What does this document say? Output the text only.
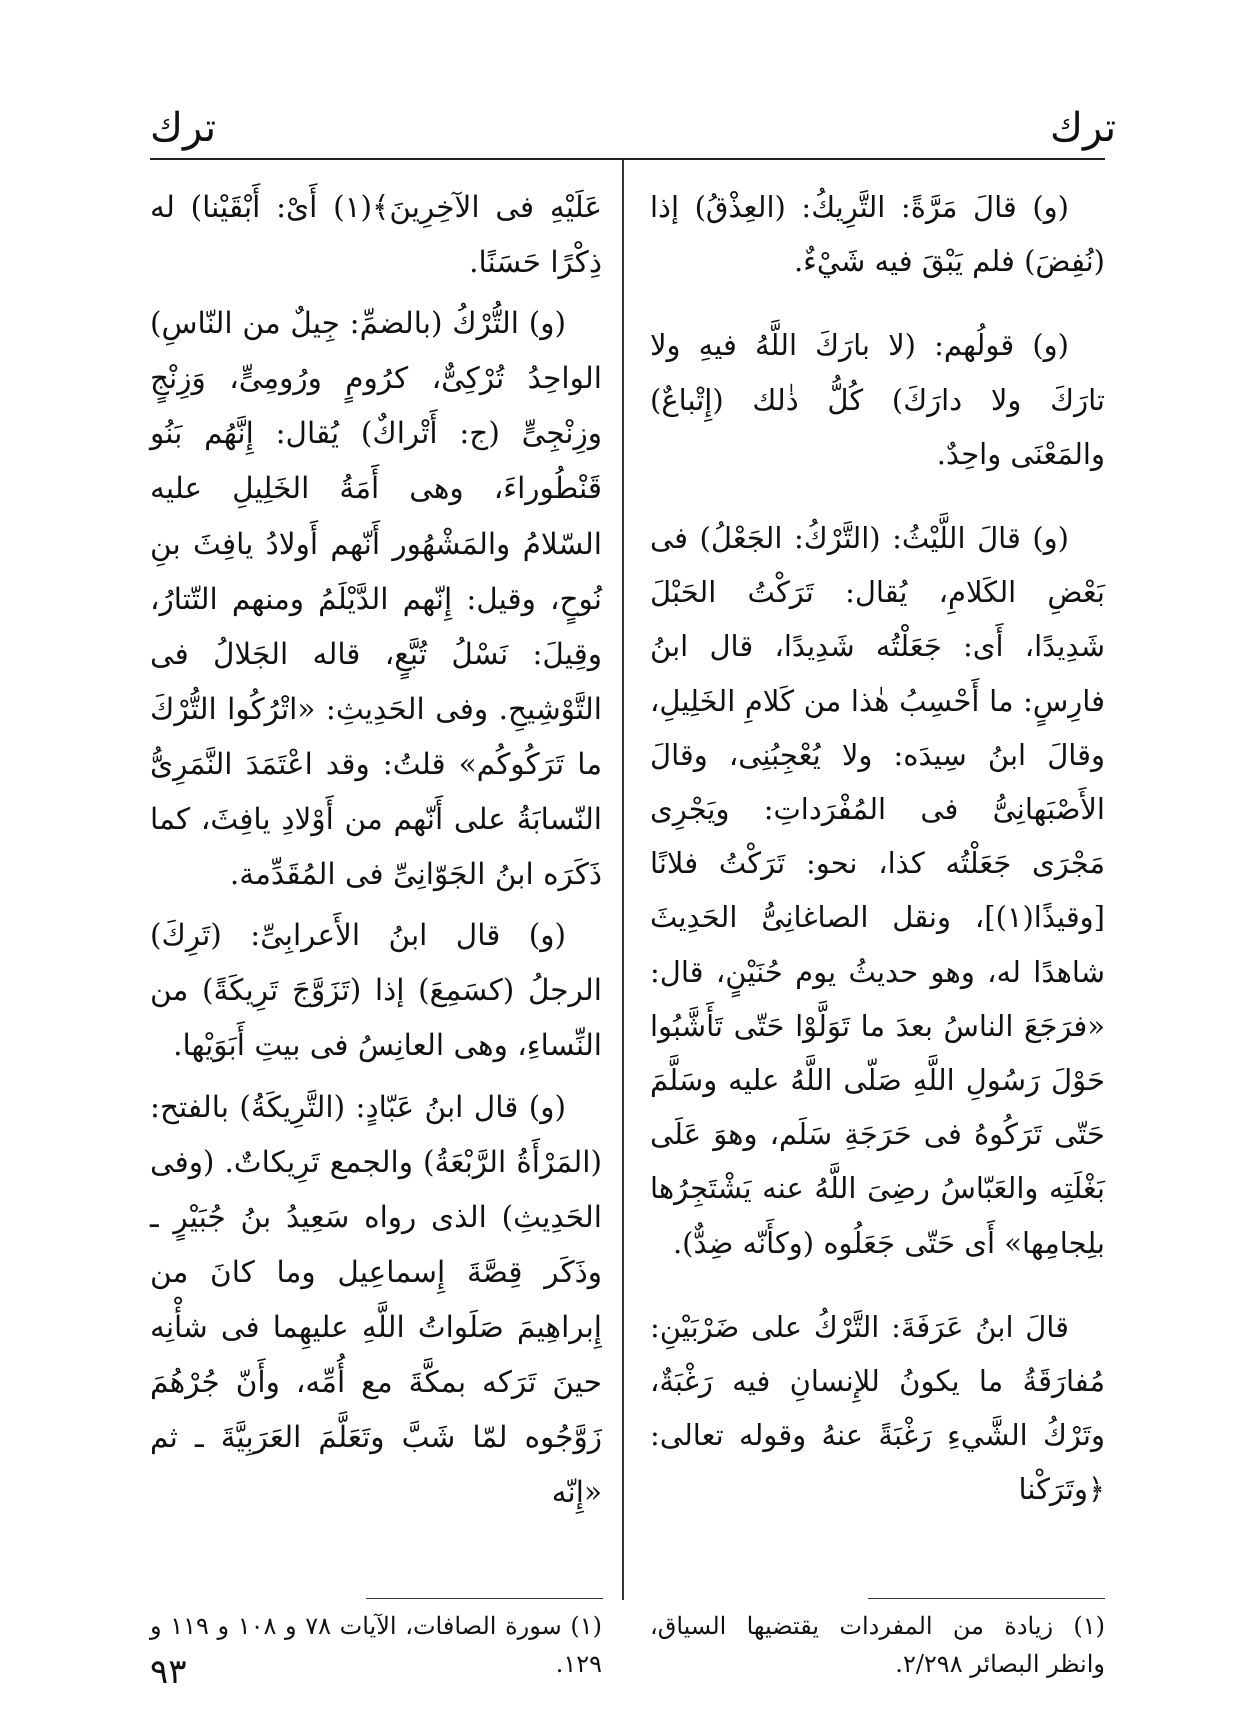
ترك
ترك

(و) قالَ مَرَّةً: التَّرِيكُ: (العِذْقُ) إذا (نُفِضَ) فلم يَبْقَ فيه شَيْءٌ.

(و) قولُهم: (لا بارَكَ اللَّهُ فيهِ ولا تارَكَ ولا دارَكَ) كُلُّ ذٰلك (إِتْباعٌ) والمَعْنَى واحِدٌ.

(و) قالَ اللَّيْثُ: (التَّرْكُ: الجَعْلُ) فى بَعْضِ الكَلامِ، يُقال: تَرَكْتُ الحَبْلَ شَدِيدًا، أَى: جَعَلْتُه شَدِيدًا، قال ابنُ فارِسٍ: ما أَحْسِبُ هٰذا من كَلامِ الخَلِيلِ، وقالَ ابنُ سِيدَه: ولا يُعْجِبُنِى، وقالَ الأَصْبَهانِىُّ فى المُفْرَداتِ: ويَجْرِى مَجْرَى جَعَلْتُه كذا، نحو: تَرَكْتُ فلانًا [وقيذًا(١)]، ونقل الصاغانِىُّ الحَدِيثَ شاهدًا له، وهو حديثُ يوم حُنَيْنٍ، قال: «فرَجَعَ الناسُ بعدَ ما تَوَلَّوْا حَتّى تَأَشَّبُوا حَوْلَ رَسُولِ اللَّهِ صَلّى اللَّهُ عليه وسَلَّمَ حَتّى تَرَكُوهُ فى حَرَجَةِ سَلَم، وهوَ عَلَى بَغْلَتِه والعَبّاسُ رضِىَ اللَّهُ عنه يَشْتَجِرُها بلِجامِها» أَى حَتّى جَعَلُوه (وكأَنّه ضِدٌّ).

قالَ ابنُ عَرَفَةَ: التَّرْكُ على ضَرْبَيْنِ: مُفارَقَةُ ما يكونُ للإِنسانِ فيه رَغْبَةٌ، وتَرْكُ الشَّيءِ رَغْبَةً عنهُ وقوله تعالى: ﴿وتَرَكْنا

عَلَيْهِ فى الآخِرِينَ﴾(١) أَىْ: أَبْقَيْنا) له ذِكْرًا حَسَنًا.

(و) التُّرْكُ (بالضمِّ: جِيلٌ من النّاسِ) الواحِدُ تُرْكِىٌّ، كرُومٍ ورُومِىٍّ، وَزِنْجٍ وزِنْجِىٍّ (ج: أَتْراكٌ) يُقال: إِنَّهُم بَنُو قَنْطُوراءَ، وهى أَمَةُ الخَلِيلِ عليه السّلامُ والمَشْهُور أَنّهم أَولادُ يافِثَ بنِ نُوحٍ، وقيل: إِنّهم الدَّيْلَمُ ومنهم التّتارُ، وقِيلَ: نَسْلُ تُبَّعٍ، قاله الجَلالُ فى التَّوْشِيحِ. وفى الحَدِيثِ: «اتْرُكُوا التُّرْكَ ما تَرَكُوكُم» قلتُ: وقد اعْتَمَدَ النَّمَرِىُّ النّسابَةُ على أَنّهم من أَوْلادِ يافِثَ، كما ذَكَرَه ابنُ الجَوّانِىِّ فى المُقَدِّمة.

(و) قال ابنُ الأَعرابِىِّ: (تَرِكَ) الرجلُ (كسَمِعَ) إذا (تَزَوَّجَ تَرِيكَةً) من النِّساءِ، وهى العانِسُ فى بيتِ أَبَوَيْها.

(و) قال ابنُ عَبّادٍ: (التَّرِيكَةُ) بالفتح: (المَرْأَةُ الرَّبْعَةُ) والجمع تَرِيكاتٌ. (وفى الحَدِيثِ) الذى رواه سَعِيدُ بنُ جُبَيْرٍ ـ وذَكَر قِصَّةَ إِسماعِيل وما كانَ من إِبراهِيمَ صَلَواتُ اللَّهِ عليهِما فى شأْنِه حينَ تَرَكه بمكَّةَ مع أُمِّه، وأَنّ جُرْهُمَ زَوَّجُوه لمّا شَبَّ وتَعَلَّمَ العَرَبِيَّةَ ـ ثم «إِنّه

(١) زيادة من المفردات يقتضيها السياق، وانظر البصائر ٢/٢٩٨.
(١) سورة الصافات، الآيات ٧٨ و ١٠٨ و ١١٩ و ١٢٩.
٩٣
